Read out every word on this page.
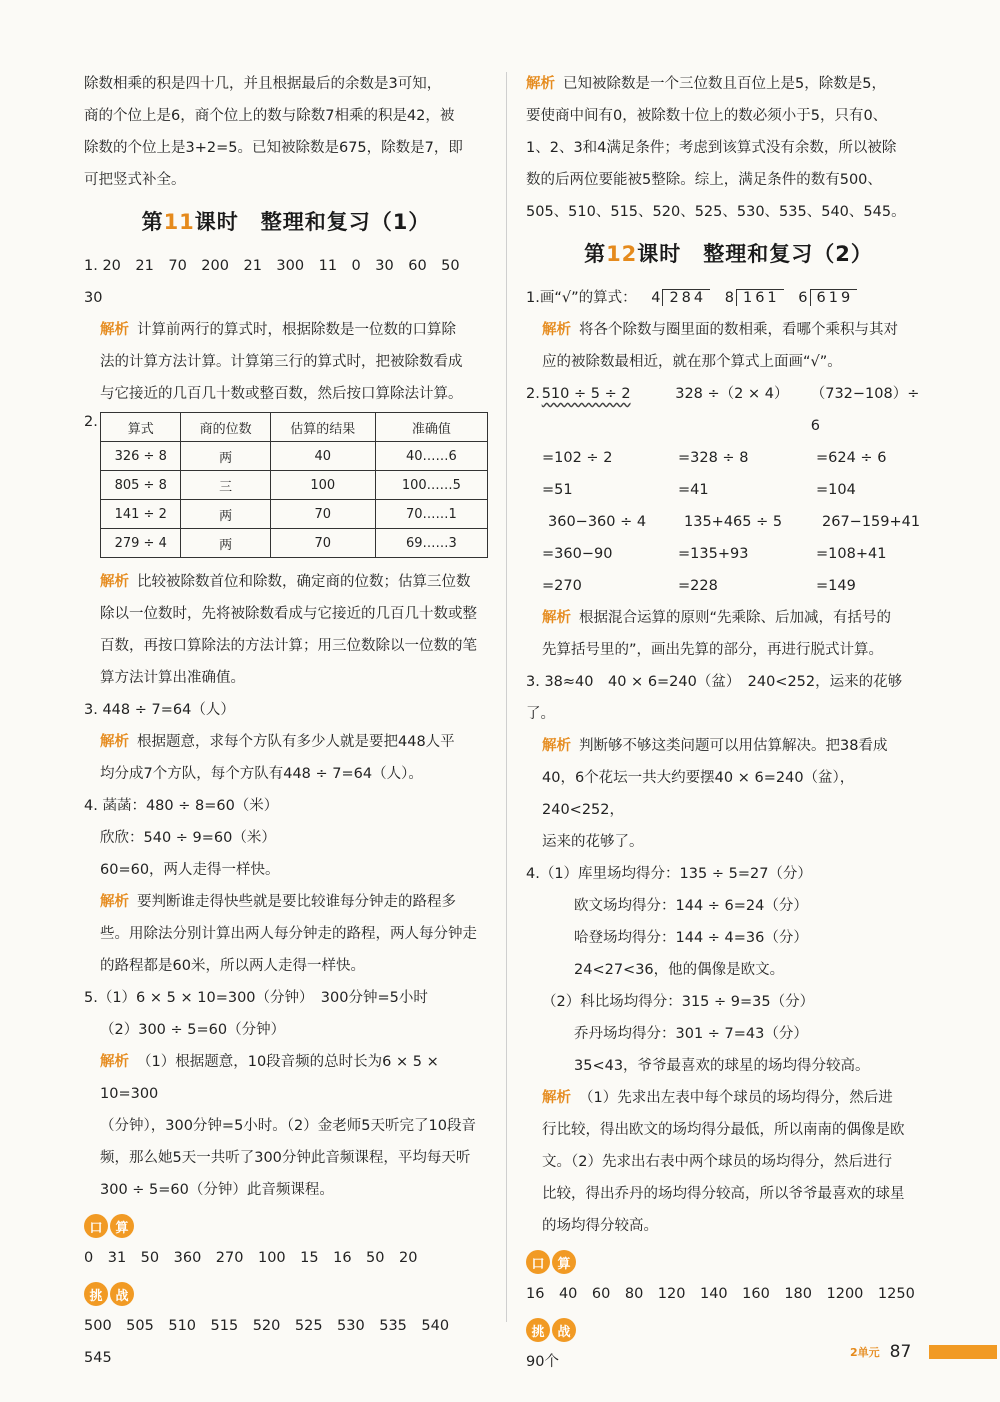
除数相乘的积是四十几，并且根据最后的余数是3可知，

商的个位上是6，商个位上的数与除数7相乘的积是42，被

除数的个位上是3+2=5。已知被除数是675，除数是7，即

可把竖式补全。

第11课时　整理和复习（1）

1. 20　21　70　200　21　300　11　0　30　60　50　30

解析 计算前两行的算式时，根据除数是一位数的口算除

法的计算方法计算。计算第三行的算式时，把被除数看成

与它接近的几百几十数或整百数，然后按口算除法计算。

2. 算式	商的位数	估算的结果	准确值
326 ÷ 8	两	40	40……6
805 ÷ 8	三	100	100……5
141 ÷ 2	两	70	70……1
279 ÷ 4	两	70	69……3

解析 比较被除数首位和除数，确定商的位数；估算三位数

除以一位数时，先将被除数看成与它接近的几百几十数或整

百数，再按口算除法的方法计算；用三位数除以一位数的笔

算方法计算出准确值。

3. 448 ÷ 7=64（人）

解析 根据题意，求每个方队有多少人就是要把448人平

均分成7个方队，每个方队有448 ÷ 7=64（人）。

4. 菡菡：480 ÷ 8=60（米）

欣欣：540 ÷ 9=60（米）

60=60，两人走得一样快。

解析 要判断谁走得快些就是要比较谁每分钟走的路程多

些。用除法分别计算出两人每分钟走的路程，两人每分钟走

的路程都是60米，所以两人走得一样快。

5.（1）6 × 5 × 10=300（分钟）　300分钟=5小时

（2）300 ÷ 5=60（分钟）

解析 （1）根据题意，10段音频的总时长为6 × 5 × 10=300

（分钟），300分钟=5小时。（2）金老师5天听完了10段音

频，那么她5天一共听了300分钟此音频课程，平均每天听

300 ÷ 5=60（分钟）此音频课程。

口 算

0　31　50　360　270　100　15　16　50　20

挑 战

500　505　510　515　520　525　530　535　540　545

解析 已知被除数是一个三位数且百位上是5，除数是5，

要使商中间有0，被除数十位上的数必须小于5，只有0、

1、2、3和4满足条件；考虑到该算式没有余数，所以被除

数的后两位要能被5整除。综上，满足条件的数有500、

505、510、515、520、525、530、535、540、545。

第12课时　整理和复习（2）

1.画“√”的算式： 4 284 8 161 6 619

解析 将各个除数与圈里面的数相乘，看哪个乘积与其对

应的被除数最相近，就在那个算式上面画“√”。

2. 510 ÷ 5 ÷ 2	328 ÷（2 × 4）	（732−108）÷ 6
=102 ÷ 2	=328 ÷ 8	=624 ÷ 6
=51	=41	=104
360−360 ÷ 4	135+465 ÷ 5	267−159+41
=360−90	=135+93	=108+41
=270	=228	=149

解析 根据混合运算的原则“先乘除、后加减，有括号的

先算括号里的”，画出先算的部分，再进行脱式计算。

3. 38≈40　40 × 6=240（盆）　240<252，运来的花够了。

解析 判断够不够这类问题可以用估算解决。把38看成

40，6个花坛一共大约要摆40 × 6=240（盆），240<252，

运来的花够了。

4.（1）库里场均得分：135 ÷ 5=27（分）

欧文场均得分：144 ÷ 6=24（分）

哈登场均得分：144 ÷ 4=36（分）

24<27<36，他的偶像是欧文。

（2）科比场均得分：315 ÷ 9=35（分）

乔丹场均得分：301 ÷ 7=43（分）

35<43，爷爷最喜欢的球星的场均得分较高。

解析 （1）先求出左表中每个球员的场均得分，然后进

行比较，得出欧文的场均得分最低，所以南南的偶像是欧

文。（2）先求出右表中两个球员的场均得分，然后进行

比较，得出乔丹的场均得分较高，所以爷爷最喜欢的球星

的场均得分较高。

口 算

16　40　60　80　120　140　160　180　1200　1250

挑 战

90个

2单元 87
